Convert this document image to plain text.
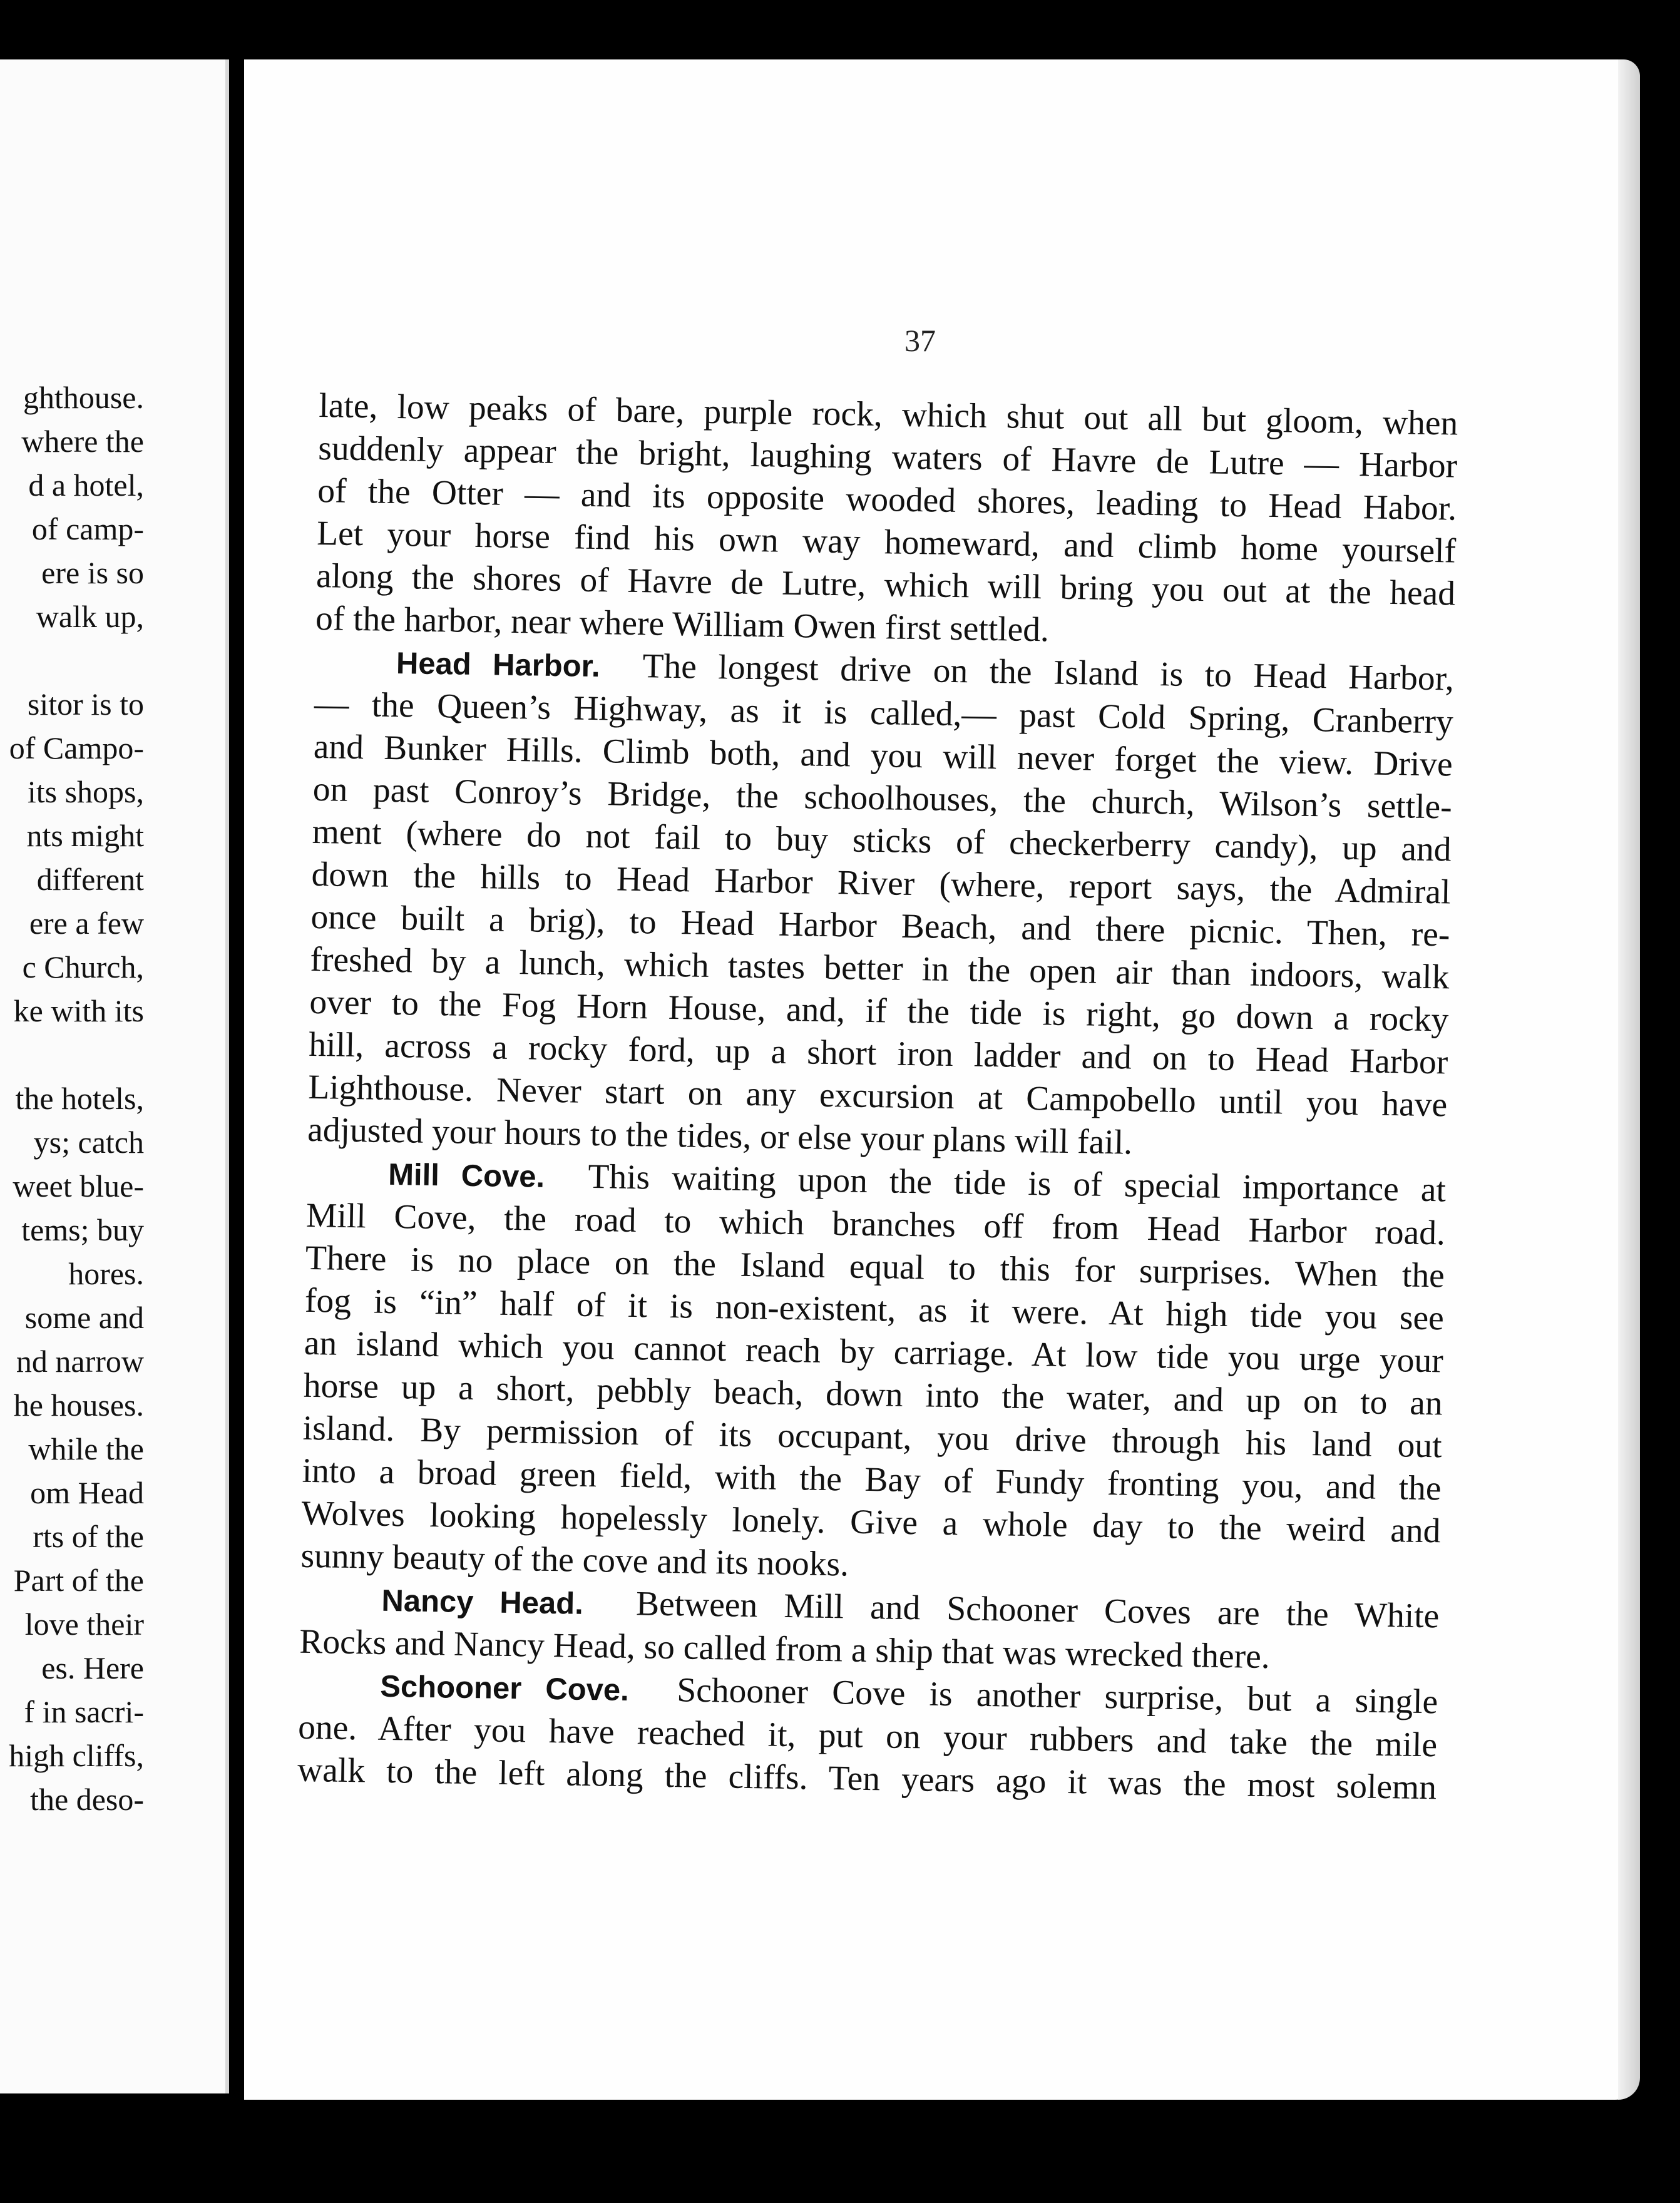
ghthouse.
where the
d a hotel,
of camp-
ere is so
walk up,
sitor is to
of Campo-
its shops,
nts might
different
ere a few
c Church,
ke with its
the hotels,
ys; catch
weet blue-
tems; buy
hores.
some and
nd narrow
he houses.
while the
om Head
rts of the
Part of the
love their
es. Here
f in sacri-
high cliffs,
the deso-
37
late, low peaks of bare, purple rock, which shut out all but gloom, when
suddenly appear the bright, laughing waters of Havre de Lutre — Harbor
of the Otter — and its opposite wooded shores, leading to Head Habor.
Let your horse find his own way homeward, and climb home yourself
along the shores of Havre de Lutre, which will bring you out at the head
of the harbor, near where William Owen first settled.
Head Harbor. The longest drive on the Island is to Head Harbor,
— the Queen’s Highway, as it is called,— past Cold Spring, Cranberry
and Bunker Hills. Climb both, and you will never forget the view. Drive
on past Conroy’s Bridge, the schoolhouses, the church, Wilson’s settle-
ment (where do not fail to buy sticks of checkerberry candy), up and
down the hills to Head Harbor River (where, report says, the Admiral
once built a brig), to Head Harbor Beach, and there picnic. Then, re-
freshed by a lunch, which tastes better in the open air than indoors, walk
over to the Fog Horn House, and, if the tide is right, go down a rocky
hill, across a rocky ford, up a short iron ladder and on to Head Harbor
Lighthouse. Never start on any excursion at Campobello until you have
adjusted your hours to the tides, or else your plans will fail.
Mill Cove. This waiting upon the tide is of special importance at
Mill Cove, the road to which branches off from Head Harbor road.
There is no place on the Island equal to this for surprises. When the
fog is “in” half of it is non-existent, as it were. At high tide you see
an island which you cannot reach by carriage. At low tide you urge your
horse up a short, pebbly beach, down into the water, and up on to an
island. By permission of its occupant, you drive through his land out
into a broad green field, with the Bay of Fundy fronting you, and the
Wolves looking hopelessly lonely. Give a whole day to the weird and
sunny beauty of the cove and its nooks.
Nancy Head. Between Mill and Schooner Coves are the White
Rocks and Nancy Head, so called from a ship that was wrecked there.
Schooner Cove. Schooner Cove is another surprise, but a single
one. After you have reached it, put on your rubbers and take the mile
walk to the left along the cliffs. Ten years ago it was the most solemn
